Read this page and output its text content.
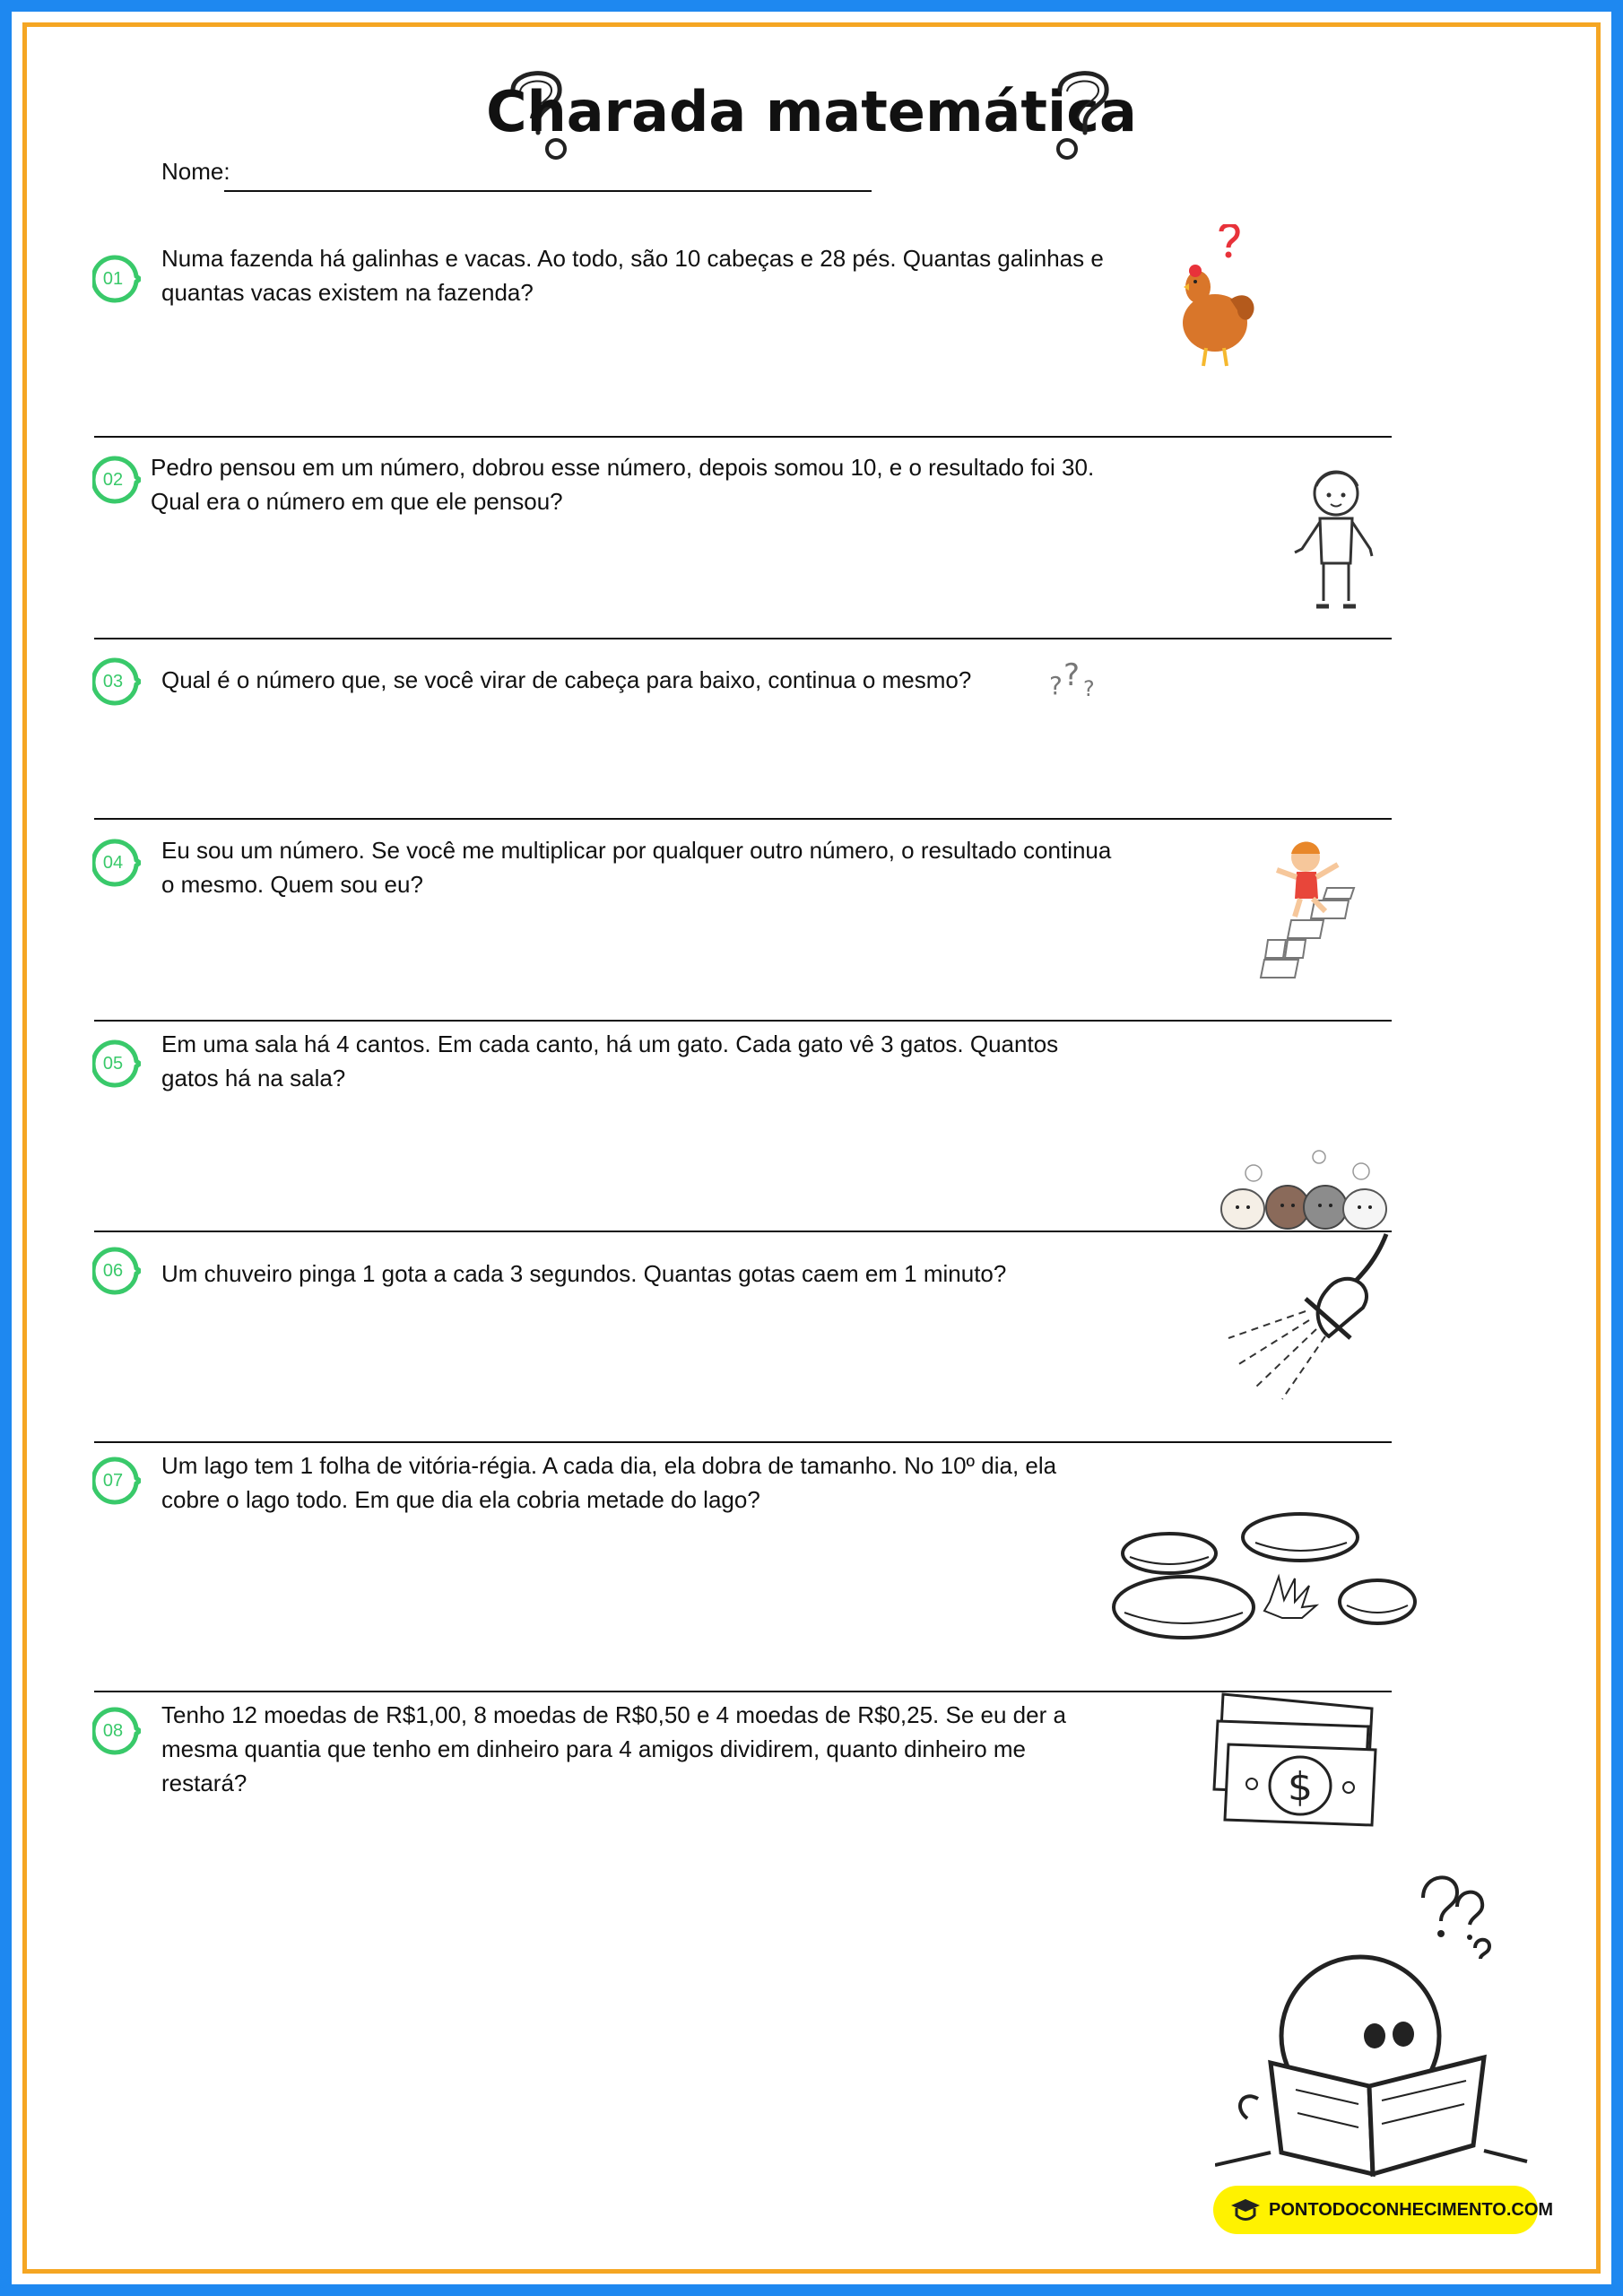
Charada matemática
Nome:
01
Numa fazenda há galinhas e vacas. Ao todo, são 10 cabeças e 28 pés. Quantas galinhas e
quantas vacas existem na fazenda?
02	Pedro pensou em um número, dobrou esse número, depois somou 10, e o resultado foi 30.
Qual era o número em que ele pensou?
03	Qual é o número que, se você virar de cabeça para baixo, continua o mesmo?	? ? ?
04	Eu sou um número. Se você me multiplicar por qualquer outro número, o resultado continua
o mesmo. Quem sou eu?
05
Em uma sala há 4 cantos. Em cada canto, há um gato. Cada gato vê 3 gatos. Quantos
gatos há na sala?
06	Um chuveiro pinga 1 gota a cada 3 segundos. Quantas gotas caem em 1 minuto?
07
Um lago tem 1 folha de vitória-régia. A cada dia, ela dobra de tamanho. No 10º dia, ela
cobre o lago todo. Em que dia ela cobria metade do lago?
08
Tenho 12 moedas de R$1,00, 8 moedas de R$0,50 e 4 moedas de R$0,25. Se eu der a
mesma quantia que tenho em dinheiro para 4 amigos dividirem, quanto dinheiro me
restará?	$
PONTODOCONHECIMENTO.COM
